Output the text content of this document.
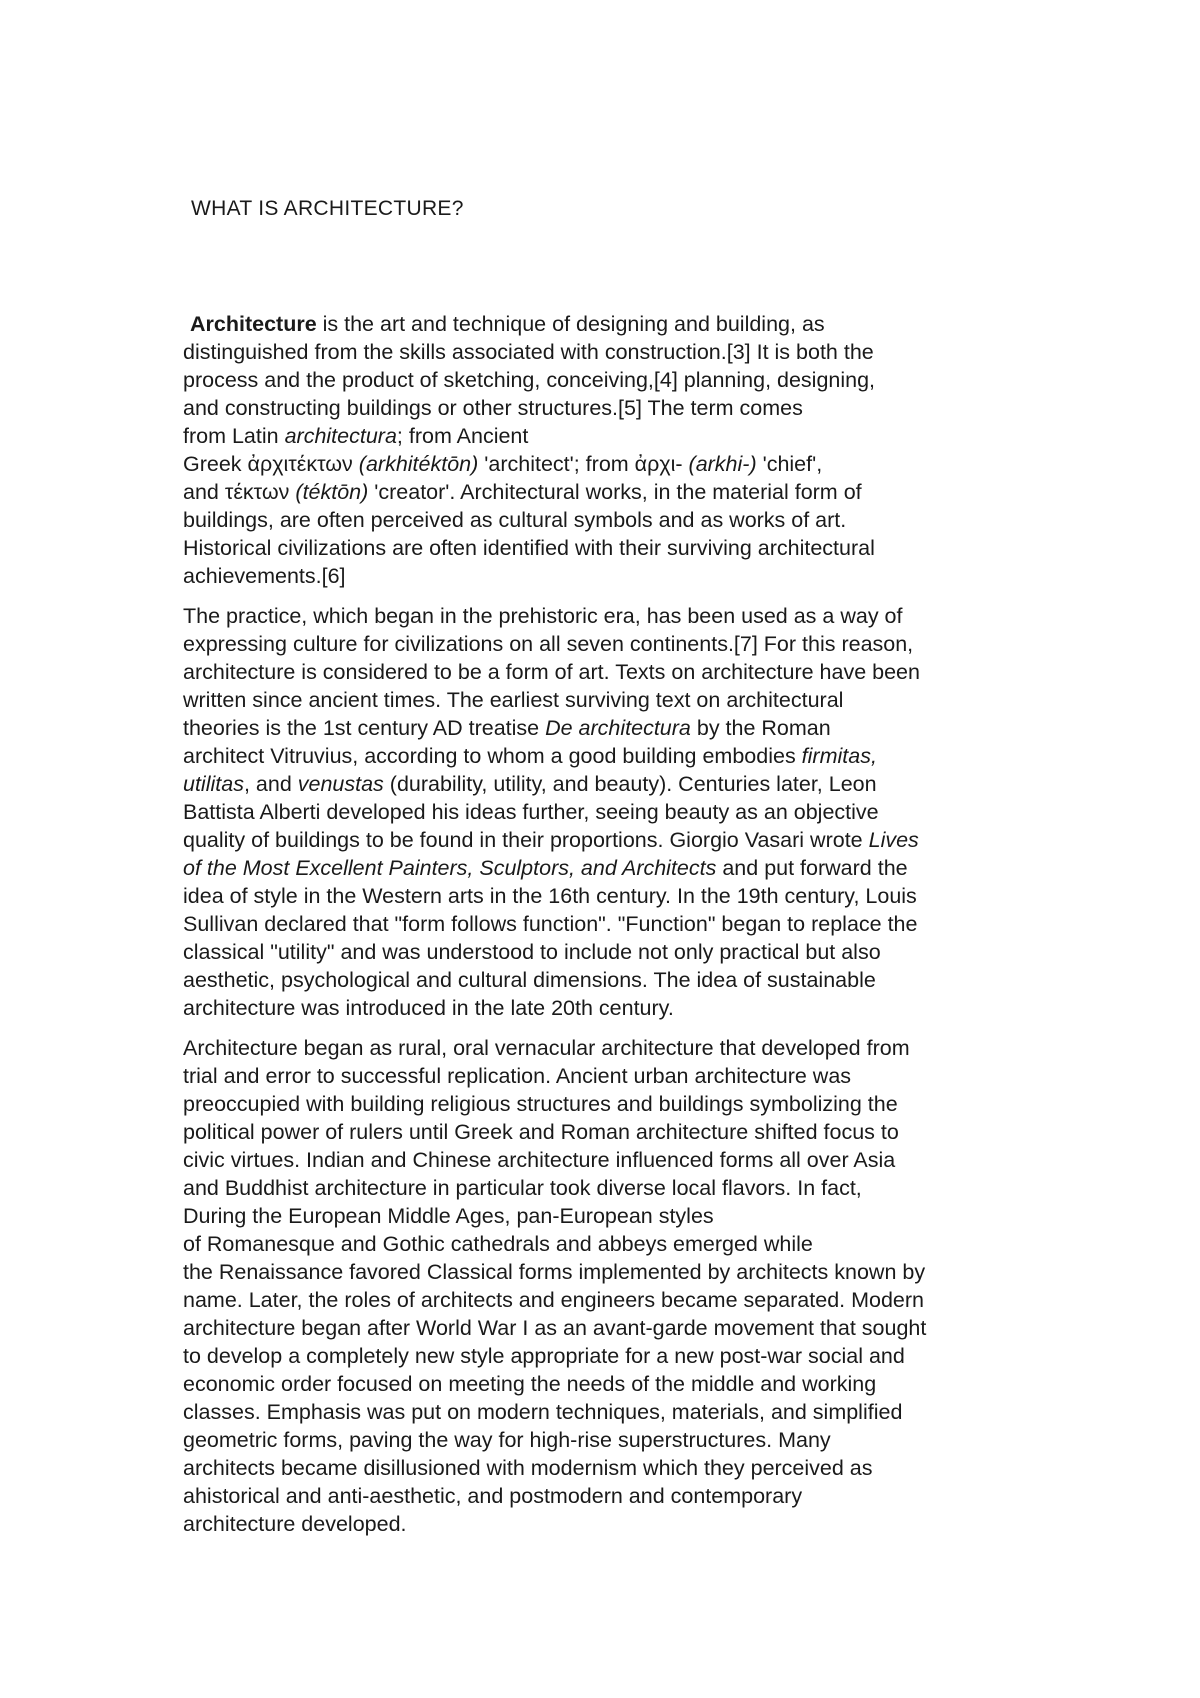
WHAT IS ARCHITECTURE?
Architecture is the art and technique of designing and building, as
distinguished from the skills associated with construction.[3] It is both the
process and the product of sketching, conceiving,[4] planning, designing,
and constructing buildings or other structures.[5] The term comes
from Latin architectura; from Ancient
Greek ἀρχιτέκτων (arkhitéktōn) 'architect'; from ἀρχι- (arkhi-) 'chief',
and τέκτων (téktōn) 'creator'. Architectural works, in the material form of
buildings, are often perceived as cultural symbols and as works of art.
Historical civilizations are often identified with their surviving architectural
achievements.[6]
The practice, which began in the prehistoric era, has been used as a way of
expressing culture for civilizations on all seven continents.[7] For this reason,
architecture is considered to be a form of art. Texts on architecture have been
written since ancient times. The earliest surviving text on architectural
theories is the 1st century AD treatise De architectura by the Roman
architect Vitruvius, according to whom a good building embodies firmitas,
utilitas, and venustas (durability, utility, and beauty). Centuries later, Leon
Battista Alberti developed his ideas further, seeing beauty as an objective
quality of buildings to be found in their proportions. Giorgio Vasari wrote Lives
of the Most Excellent Painters, Sculptors, and Architects and put forward the
idea of style in the Western arts in the 16th century. In the 19th century, Louis
Sullivan declared that "form follows function". "Function" began to replace the
classical "utility" and was understood to include not only practical but also
aesthetic, psychological and cultural dimensions. The idea of sustainable
architecture was introduced in the late 20th century.
Architecture began as rural, oral vernacular architecture that developed from
trial and error to successful replication. Ancient urban architecture was
preoccupied with building religious structures and buildings symbolizing the
political power of rulers until Greek and Roman architecture shifted focus to
civic virtues. Indian and Chinese architecture influenced forms all over Asia
and Buddhist architecture in particular took diverse local flavors. In fact,
During the European Middle Ages, pan-European styles
of Romanesque and Gothic cathedrals and abbeys emerged while
the Renaissance favored Classical forms implemented by architects known by
name. Later, the roles of architects and engineers became separated. Modern
architecture began after World War I as an avant-garde movement that sought
to develop a completely new style appropriate for a new post-war social and
economic order focused on meeting the needs of the middle and working
classes. Emphasis was put on modern techniques, materials, and simplified
geometric forms, paving the way for high-rise superstructures. Many
architects became disillusioned with modernism which they perceived as
ahistorical and anti-aesthetic, and postmodern and contemporary
architecture developed.
